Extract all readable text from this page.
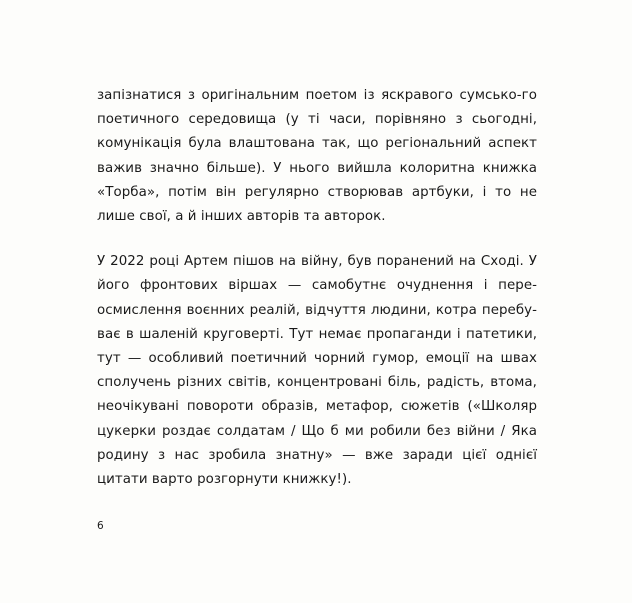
запізнатися з оригінальним поетом із яскравого сумсько-го поетичного середовища (у ті часи, порівняно з сьогодні, комунікація була влаштована так, що регіональний аспект важив значно більше). У нього вийшла колоритна книжка «Торба», потім він регулярно створював артбуки, і то не лише свої, а й інших авторів та авторок.

У 2022 році Артем пішов на війну, був поранений на Сході. У його фронтових віршах — самобутнє очуднення і пере-осмислення воєнних реалій, відчуття людини, котра перебу-ває в шаленій круговерті. Тут немає пропаганди і патетики, тут — особливий поетичний чорний гумор, емоції на швах сполучень різних світів, концентровані біль, радість, втома, неочікувані повороти образів, метафор, сюжетів («Школяр цукерки роздає солдатам / Що б ми робили без війни / Яка родину з нас зробила знатну» — вже заради цієї однієї цитати варто розгорнути книжку!).

6
